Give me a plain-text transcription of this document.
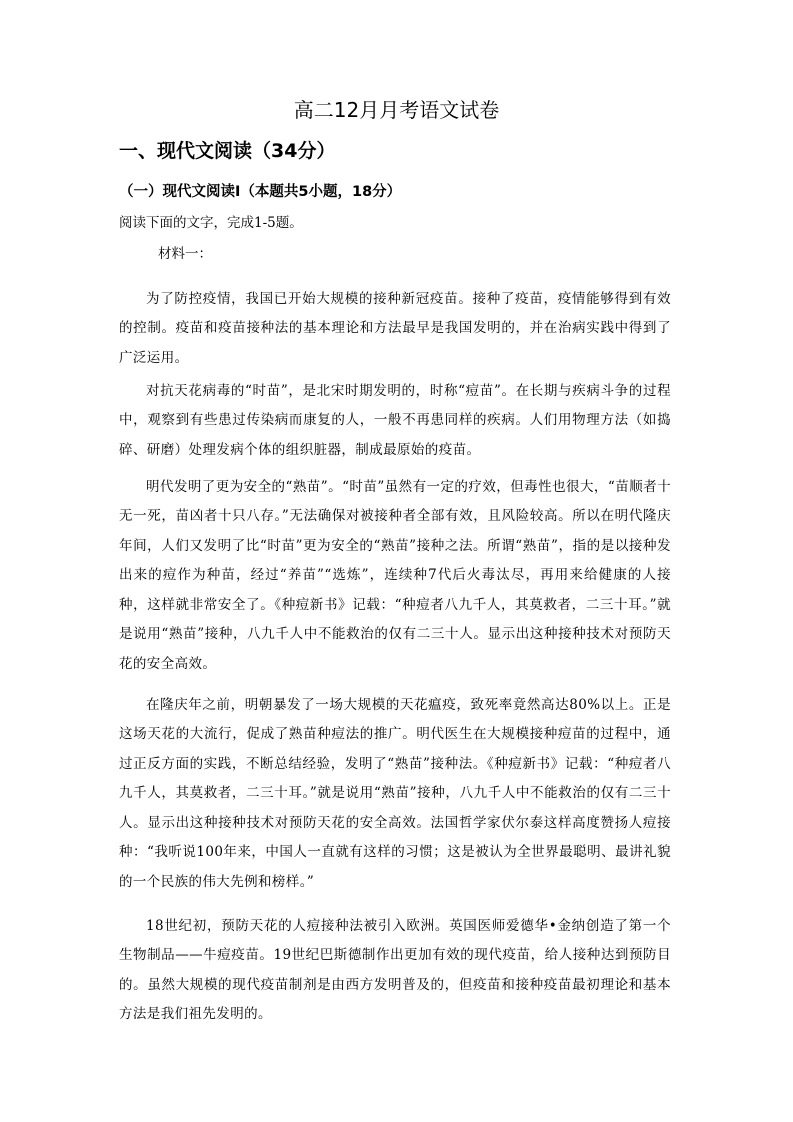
高二12月月考语文试卷
一、现代文阅读（34分）
（一）现代文阅读Ⅰ（本题共5小题，18分）
阅读下面的文字，完成1-5题。
材料一：

为了防控疫情，我国已开始大规模的接种新冠疫苗。接种了疫苗，疫情能够得到有效的控制。疫苗和疫苗接种法的基本理论和方法最早是我国发明的，并在治病实践中得到了广泛运用。

对抗天花病毒的“时苗”，是北宋时期发明的，时称“痘苗”。在长期与疾病斗争的过程中，观察到有些患过传染病而康复的人，一般不再患同样的疾病。人们用物理方法（如捣碎、研磨）处理发病个体的组织脏器，制成最原始的疫苗。

明代发明了更为安全的“熟苗”。“时苗”虽然有一定的疗效，但毒性也很大，“苗顺者十无一死，苗凶者十只八存。”无法确保对被接种者全部有效，且风险较高。所以在明代隆庆年间，人们又发明了比“时苗”更为安全的“熟苗”接种之法。所谓“熟苗”，指的是以接种发出来的痘作为种苗，经过“养苗”“选炼”，连续种7代后火毒汰尽，再用来给健康的人接种，这样就非常安全了。《种痘新书》记载：“种痘者八九千人，其莫救者，二三十耳。”就是说用“熟苗”接种，八九千人中不能救治的仅有二三十人。显示出这种接种技术对预防天花的安全高效。

在隆庆年之前，明朝暴发了一场大规模的天花瘟疫，致死率竟然高达80%以上。正是这场天花的大流行，促成了熟苗种痘法的推广。明代医生在大规模接种痘苗的过程中，通过正反方面的实践，不断总结经验，发明了“熟苗”接种法。《种痘新书》记载：“种痘者八九千人，其莫救者，二三十耳。”就是说用“熟苗”接种，八九千人中不能救治的仅有二三十人。显示出这种接种技术对预防天花的安全高效。法国哲学家伏尔泰这样高度赞扬人痘接种：“我听说100年来，中国人一直就有这样的习惯；这是被认为全世界最聪明、最讲礼貌的一个民族的伟大先例和榜样。”

18世纪初，预防天花的人痘接种法被引入欧洲。英国医师爱德华•金纳创造了第一个生物制品——牛痘疫苗。19世纪巴斯德制作出更加有效的现代疫苗，给人接种达到预防目的。虽然大规模的现代疫苗制剂是由西方发明普及的，但疫苗和接种疫苗最初理论和基本方法是我们祖先发明的。
